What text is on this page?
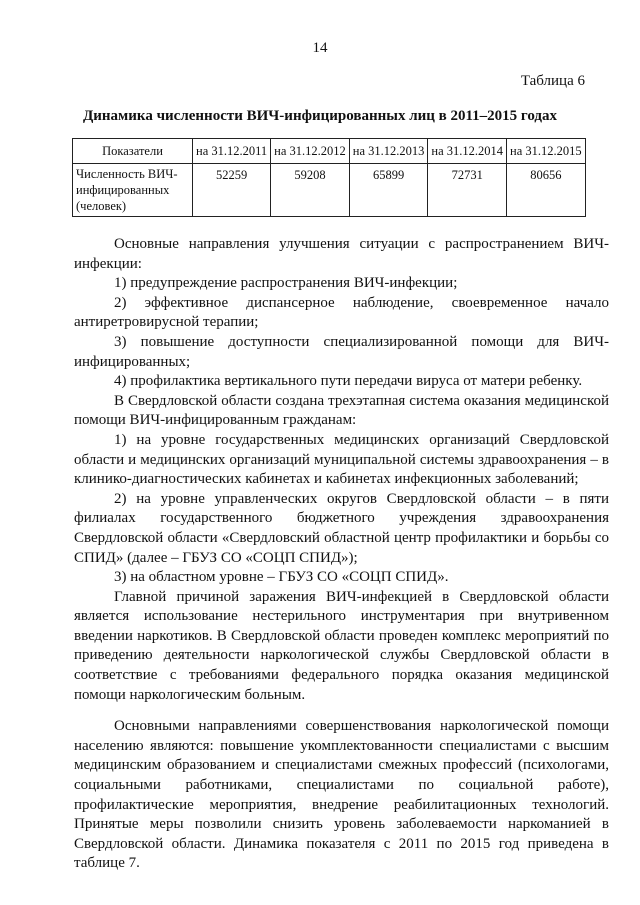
14
Таблица 6
Динамика численности ВИЧ-инфицированных лиц в 2011–2015 годах
Показатели	на 31.12.2011	на 31.12.2012	на 31.12.2013	на 31.12.2014	на 31.12.2015
Численность ВИЧ-инфицированных (человек)	52259	59208	65899	72731	80656

Основные направления улучшения ситуации с распространением ВИЧ-инфекции:

1) предупреждение распространения ВИЧ-инфекции;

2) эффективное диспансерное наблюдение, своевременное начало антиретровирусной терапии;

3) повышение доступности специализированной помощи для ВИЧ-инфицированных;

4) профилактика вертикального пути передачи вируса от матери ребенку.

В Свердловской области создана трехэтапная система оказания медицинской помощи ВИЧ-инфицированным гражданам:

1) на уровне государственных медицинских организаций Свердловской области и медицинских организаций муниципальной системы здравоохранения – в клинико-диагностических кабинетах и кабинетах инфекционных заболеваний;

2) на уровне управленческих округов Свердловской области – в пяти филиалах государственного бюджетного учреждения здравоохранения Свердловской области «Свердловский областной центр профилактики и борьбы со СПИД» (далее – ГБУЗ СО «СОЦП СПИД»);

3) на областном уровне – ГБУЗ СО «СОЦП СПИД».

Главной причиной заражения ВИЧ-инфекцией в Свердловской области является использование нестерильного инструментария при внутривенном введении наркотиков. В Свердловской области проведен комплекс мероприятий по приведению деятельности наркологической службы Свердловской области в соответствие с требованиями федерального порядка оказания медицинской помощи наркологическим больным.

Основными направлениями совершенствования наркологической помощи населению являются: повышение укомплектованности специалистами с высшим медицинским образованием и специалистами смежных профессий (психологами, социальными работниками, специалистами по социальной работе), профилактические мероприятия, внедрение реабилитационных технологий. Принятые меры позволили снизить уровень заболеваемости наркоманией в Свердловской области. Динамика показателя с 2011 по 2015 год приведена в таблице 7.
